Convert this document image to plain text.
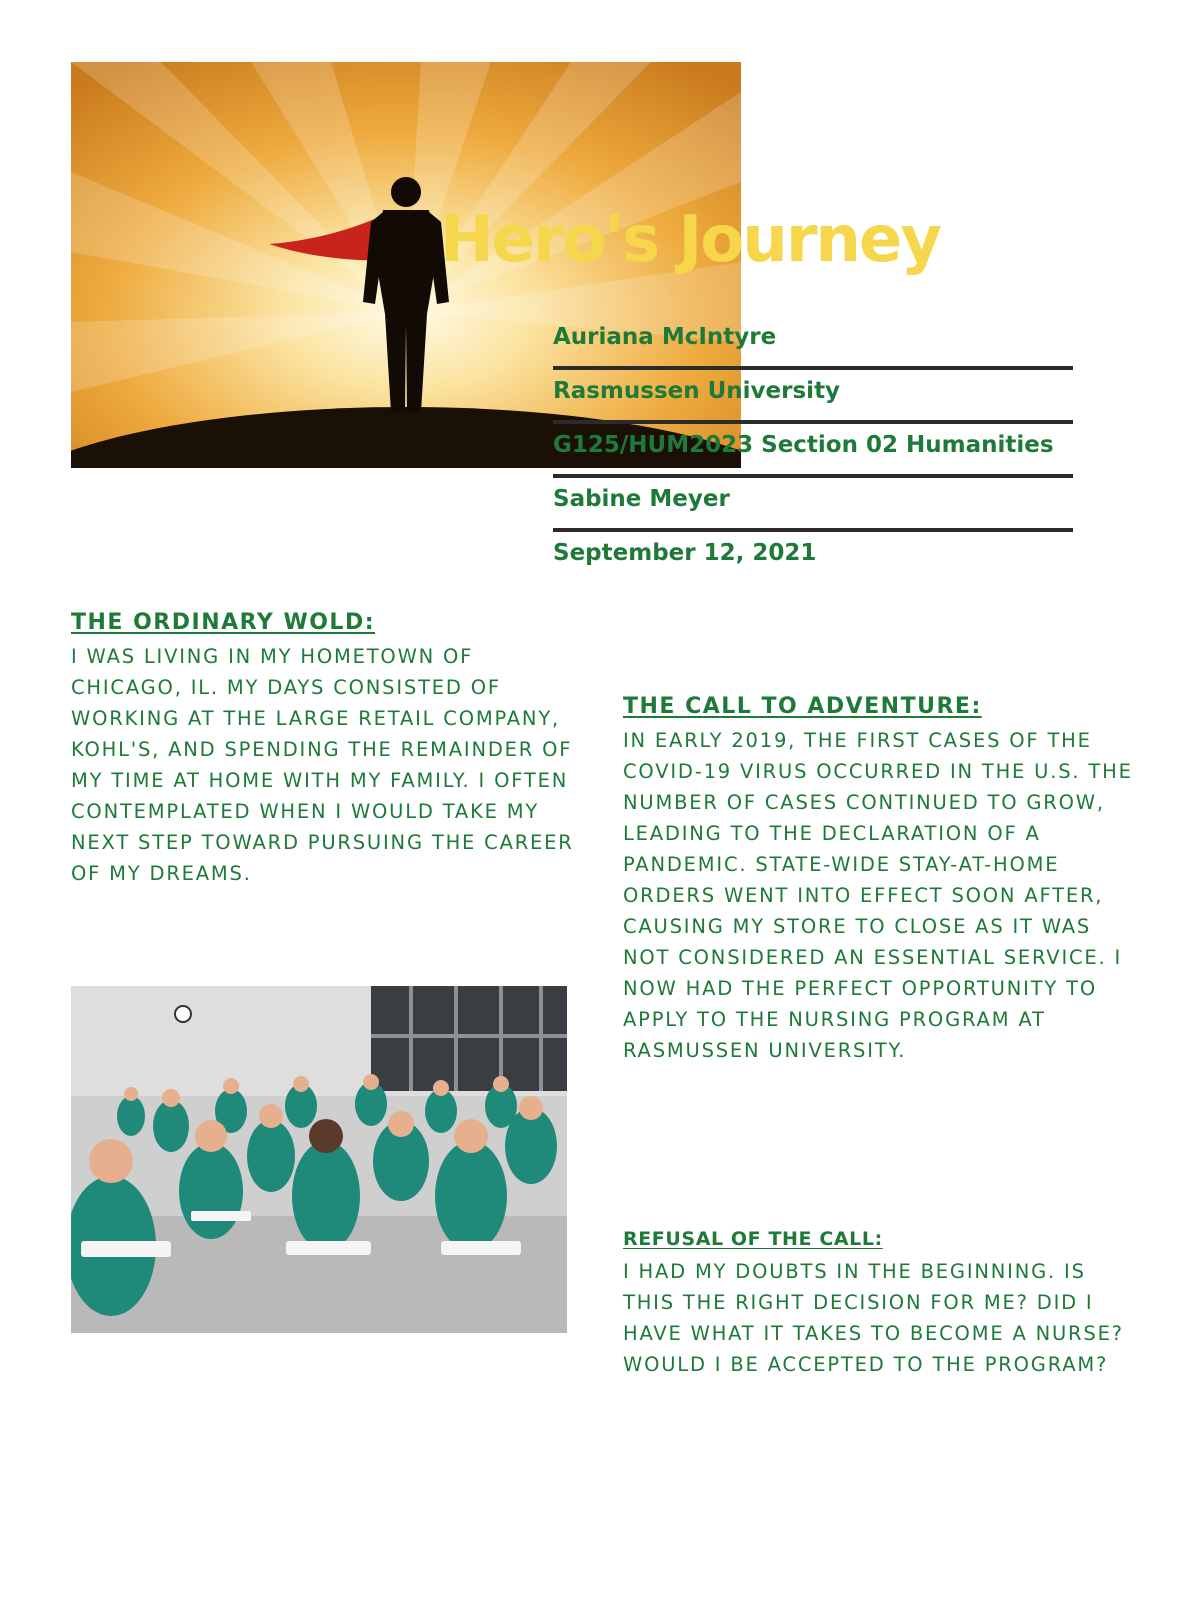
Hero's Journey
Auriana McIntyre
Rasmussen University
G125/HUM2023 Section 02 Humanities
Sabine Meyer
September 12, 2021
THE ORDINARY WOLD:

I WAS LIVING IN MY HOMETOWN OF CHICAGO, IL. MY DAYS CONSISTED OF WORKING AT THE LARGE RETAIL COMPANY, KOHL'S, AND SPENDING THE REMAINDER OF MY TIME AT HOME WITH MY FAMILY. I OFTEN CONTEMPLATED WHEN I WOULD TAKE MY NEXT STEP TOWARD PURSUING THE CAREER OF MY DREAMS.

THE CALL TO ADVENTURE:

IN EARLY 2019, THE FIRST CASES OF THE COVID-19 VIRUS OCCURRED IN THE U.S. THE NUMBER OF CASES CONTINUED TO GROW, LEADING TO THE DECLARATION OF A PANDEMIC. STATE-WIDE STAY-AT-HOME ORDERS WENT INTO EFFECT SOON AFTER, CAUSING MY STORE TO CLOSE AS IT WAS NOT CONSIDERED AN ESSENTIAL SERVICE. I NOW HAD THE PERFECT OPPORTUNITY TO APPLY TO THE NURSING PROGRAM AT RASMUSSEN UNIVERSITY.

REFUSAL OF THE CALL:

I HAD MY DOUBTS IN THE BEGINNING. IS THIS THE RIGHT DECISION FOR ME? DID I HAVE WHAT IT TAKES TO BECOME A NURSE? WOULD I BE ACCEPTED TO THE PROGRAM?
